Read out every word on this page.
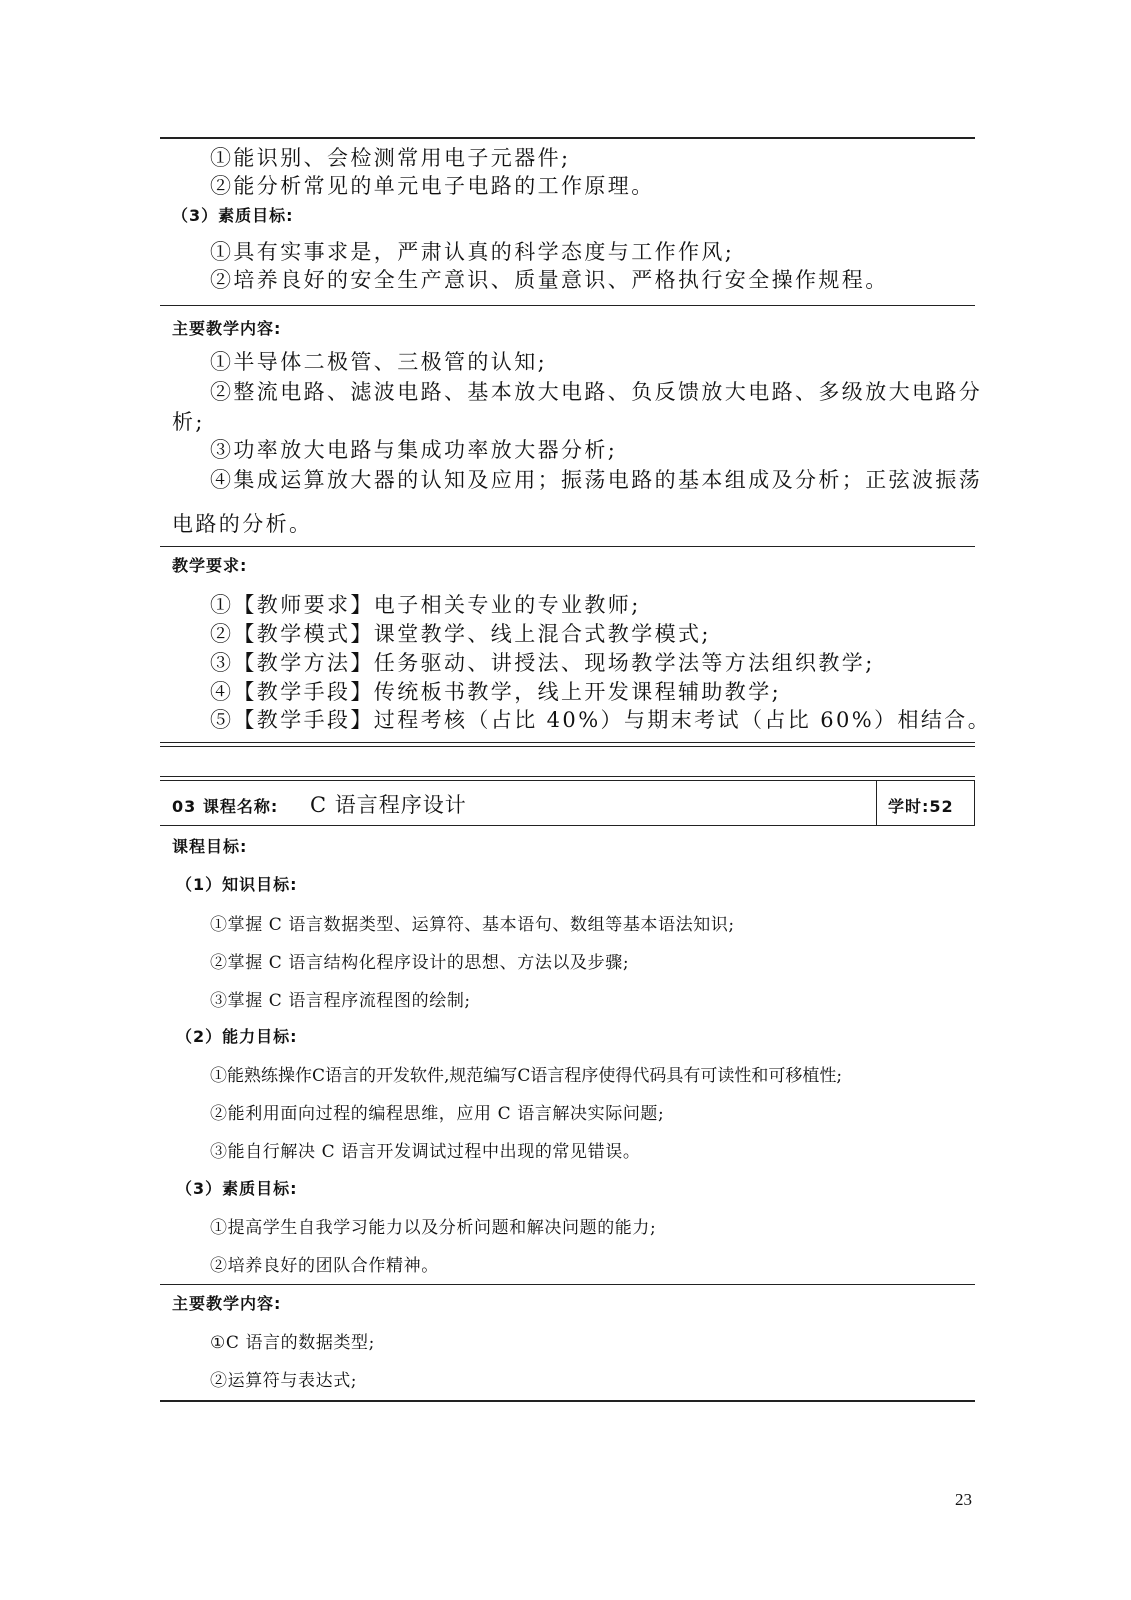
①能识别、会检测常用电子元器件;
②能分析常见的单元电子电路的工作原理。
（3）素质目标:
①具有实事求是，严肃认真的科学态度与工作作风;
②培养良好的安全生产意识、质量意识、严格执行安全操作规程。
主要教学内容:
①半导体二极管、三极管的认知;
②整流电路、滤波电路、基本放大电路、负反馈放大电路、多级放大电路分
析;
③功率放大电路与集成功率放大器分析;
④集成运算放大器的认知及应用；振荡电路的基本组成及分析；正弦波振荡
电路的分析。
教学要求:
①【教师要求】电子相关专业的专业教师;
②【教学模式】课堂教学、线上混合式教学模式;
③【教学方法】任务驱动、讲授法、现场教学法等方法组织教学;
④【教学手段】传统板书教学，线上开发课程辅助教学;
⑤【教学手段】过程考核（占比 40%）与期末考试（占比 60%）相结合。
03 课程名称: C 语言程序设计	学时:52
课程目标:
（1）知识目标:
①掌握 C 语言数据类型、运算符、基本语句、数组等基本语法知识;
②掌握 C 语言结构化程序设计的思想、方法以及步骤;
③掌握 C 语言程序流程图的绘制;
（2）能力目标:
①能熟练操作C语言的开发软件,规范编写C语言程序使得代码具有可读性和可移植性;
②能利用面向过程的编程思维，应用 C 语言解决实际问题;
③能自行解决 C 语言开发调试过程中出现的常见错误。
（3）素质目标:
①提高学生自我学习能力以及分析问题和解决问题的能力;
②培养良好的团队合作精神。
主要教学内容:
①C 语言的数据类型;
②运算符与表达式;
23
